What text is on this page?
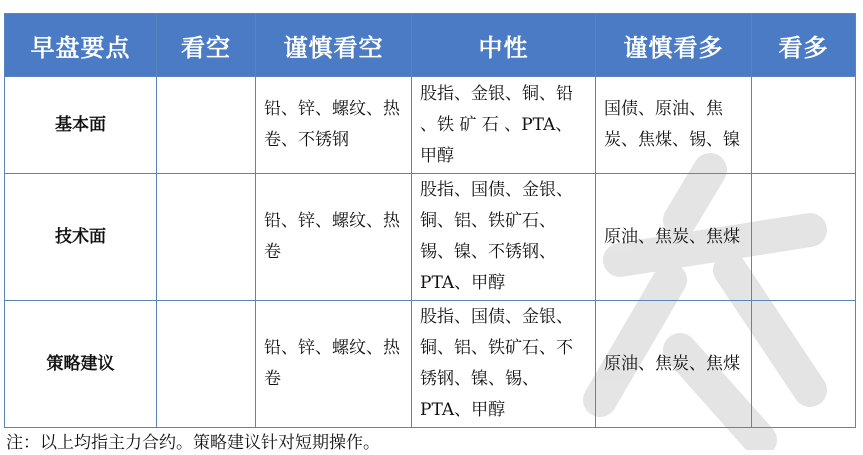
早盘要点	看空	谨慎看空	中性	谨慎看多	看多
基本面		铅、锌、螺纹、热卷、不锈钢	股指、金银、铜、铅 、铁 矿 石 、PTA、甲醇	国债、原油、焦炭、焦煤、锡、镍	
技术面		铅、锌、螺纹、热卷	股指、国债、金银、铜、铝、铁矿石、锡、镍、不锈钢、PTA、甲醇	原油、焦炭、焦煤	
策略建议		铅、锌、螺纹、热卷	股指、国债、金银、铜、铝、铁矿石、不锈钢、镍、锡、PTA、甲醇	原油、焦炭、焦煤	
注：以上均指主力合约。策略建议针对短期操作。
